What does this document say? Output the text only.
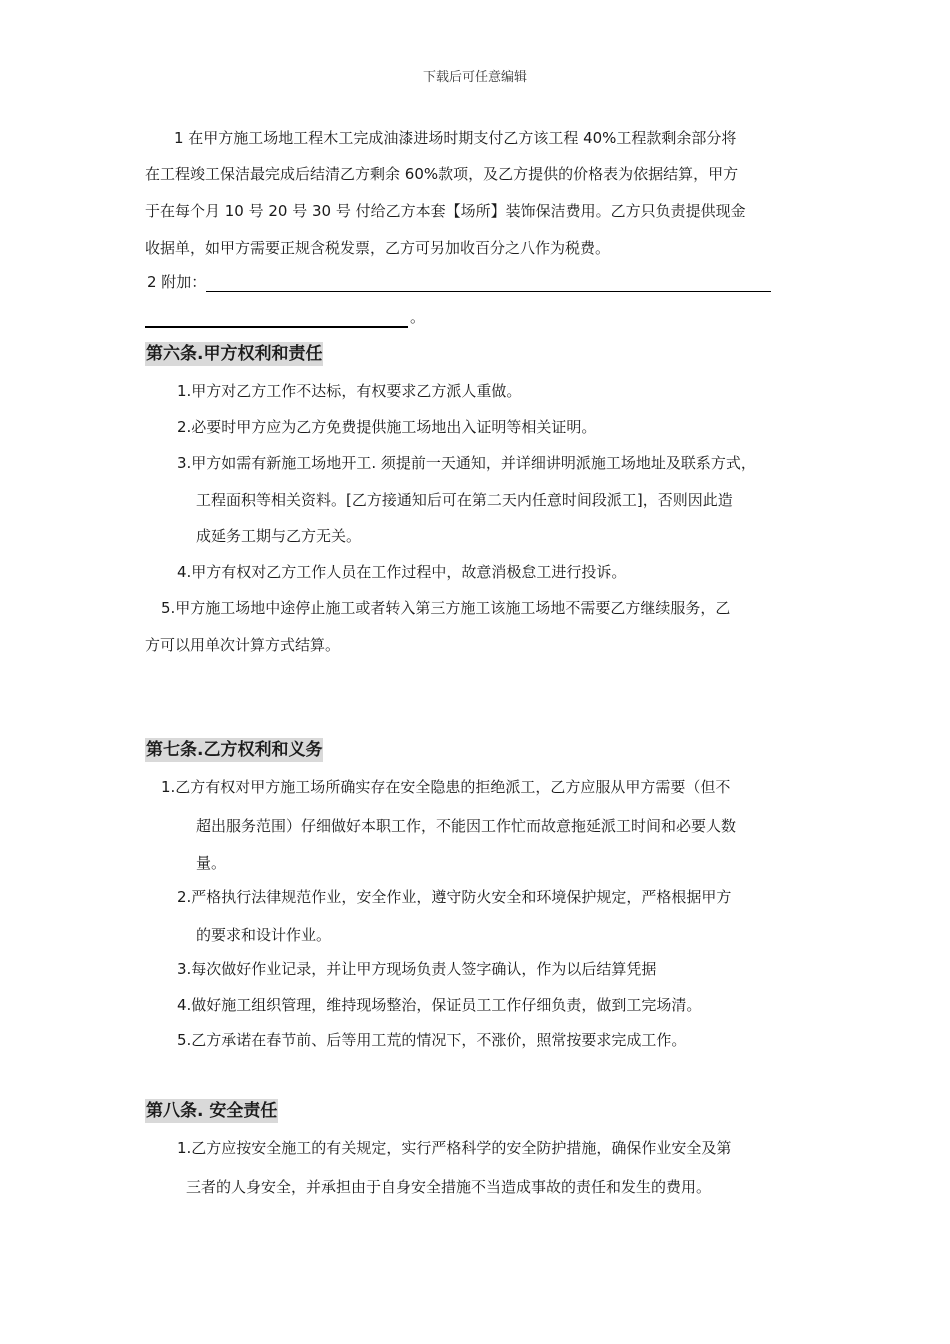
下载后可任意编辑
1 在甲方施工场地工程木工完成油漆进场时期支付乙方该工程 40%工程款剩余部分将
在工程竣工保洁最完成后结清乙方剩余 60%款项，及乙方提供的价格表为依据结算，甲方
于在每个月 10 号 20 号 30 号 付给乙方本套【场所】装饰保洁费用。乙方只负责提供现金
收据单，如甲方需要正规含税发票，乙方可另加收百分之八作为税费。
2 附加：
。
第六条.甲方权利和责任
1.甲方对乙方工作不达标，有权要求乙方派人重做。
2.必要时甲方应为乙方免费提供施工场地出入证明等相关证明。
3.甲方如需有新施工场地开工. 须提前一天通知，并详细讲明派施工场地址及联系方式，
工程面积等相关资料。[乙方接通知后可在第二天内任意时间段派工]，否则因此造
成延务工期与乙方无关。
4.甲方有权对乙方工作人员在工作过程中，故意消极怠工进行投诉。
5.甲方施工场地中途停止施工或者转入第三方施工该施工场地不需要乙方继续服务，乙
方可以用单次计算方式结算。
第七条.乙方权利和义务
1.乙方有权对甲方施工场所确实存在安全隐患的拒绝派工，乙方应服从甲方需要（但不
超出服务范围）仔细做好本职工作，不能因工作忙而故意拖延派工时间和必要人数
量。
2.严格执行法律规范作业，安全作业，遵守防火安全和环境保护规定，严格根据甲方
的要求和设计作业。
3.每次做好作业记录，并让甲方现场负责人签字确认，作为以后结算凭据
4.做好施工组织管理，维持现场整治，保证员工工作仔细负责，做到工完场清。
5.乙方承诺在春节前、后等用工荒的情况下，不涨价，照常按要求完成工作。
第八条. 安全责任
1.乙方应按安全施工的有关规定，实行严格科学的安全防护措施，确保作业安全及第
三者的人身安全，并承担由于自身安全措施不当造成事故的责任和发生的费用。
